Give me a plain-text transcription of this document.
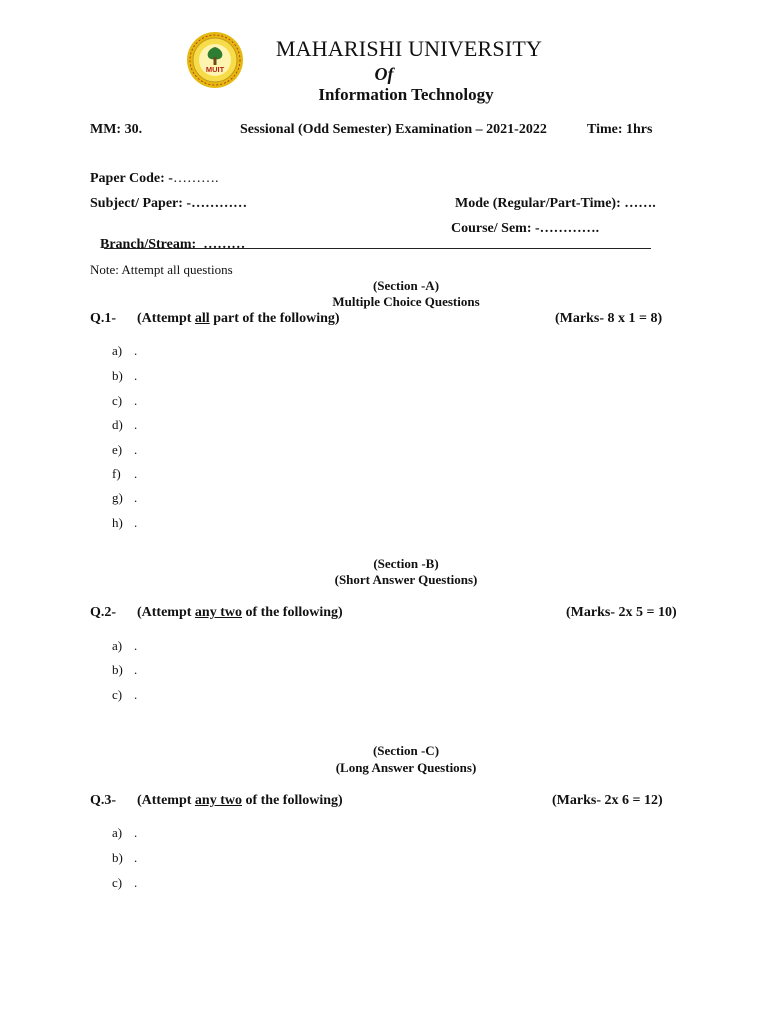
MUIT
MAHARISHI UNIVERSITY
Of
Information Technology
MM: 30.	Sessional (Odd Semester) Examination – 2021-2022	Time: 1hrs
Paper Code: -……….
Subject/ Paper: -…………	Mode (Regular/Part-Time): …….

Branch/Stream:  ………

Course/ Sem: -………….
Note: Attempt all questions
(Section -A)
Multiple Choice Questions
Q.1- (Attempt all part of the following)	(Marks- 8 x 1 = 8)
a) .
b) .
c) .
d) .
e) .
f)	.
g) .
h) .
(Section -B)
(Short Answer Questions)
Q.2- (Attempt any two of the following)	(Marks- 2x 5 = 10)
a) .
b) .
c) .
(Section -C)
(Long Answer Questions)
Q.3- (Attempt any two of the following)	(Marks- 2x 6 = 12)
a) .
b) .
c) .
